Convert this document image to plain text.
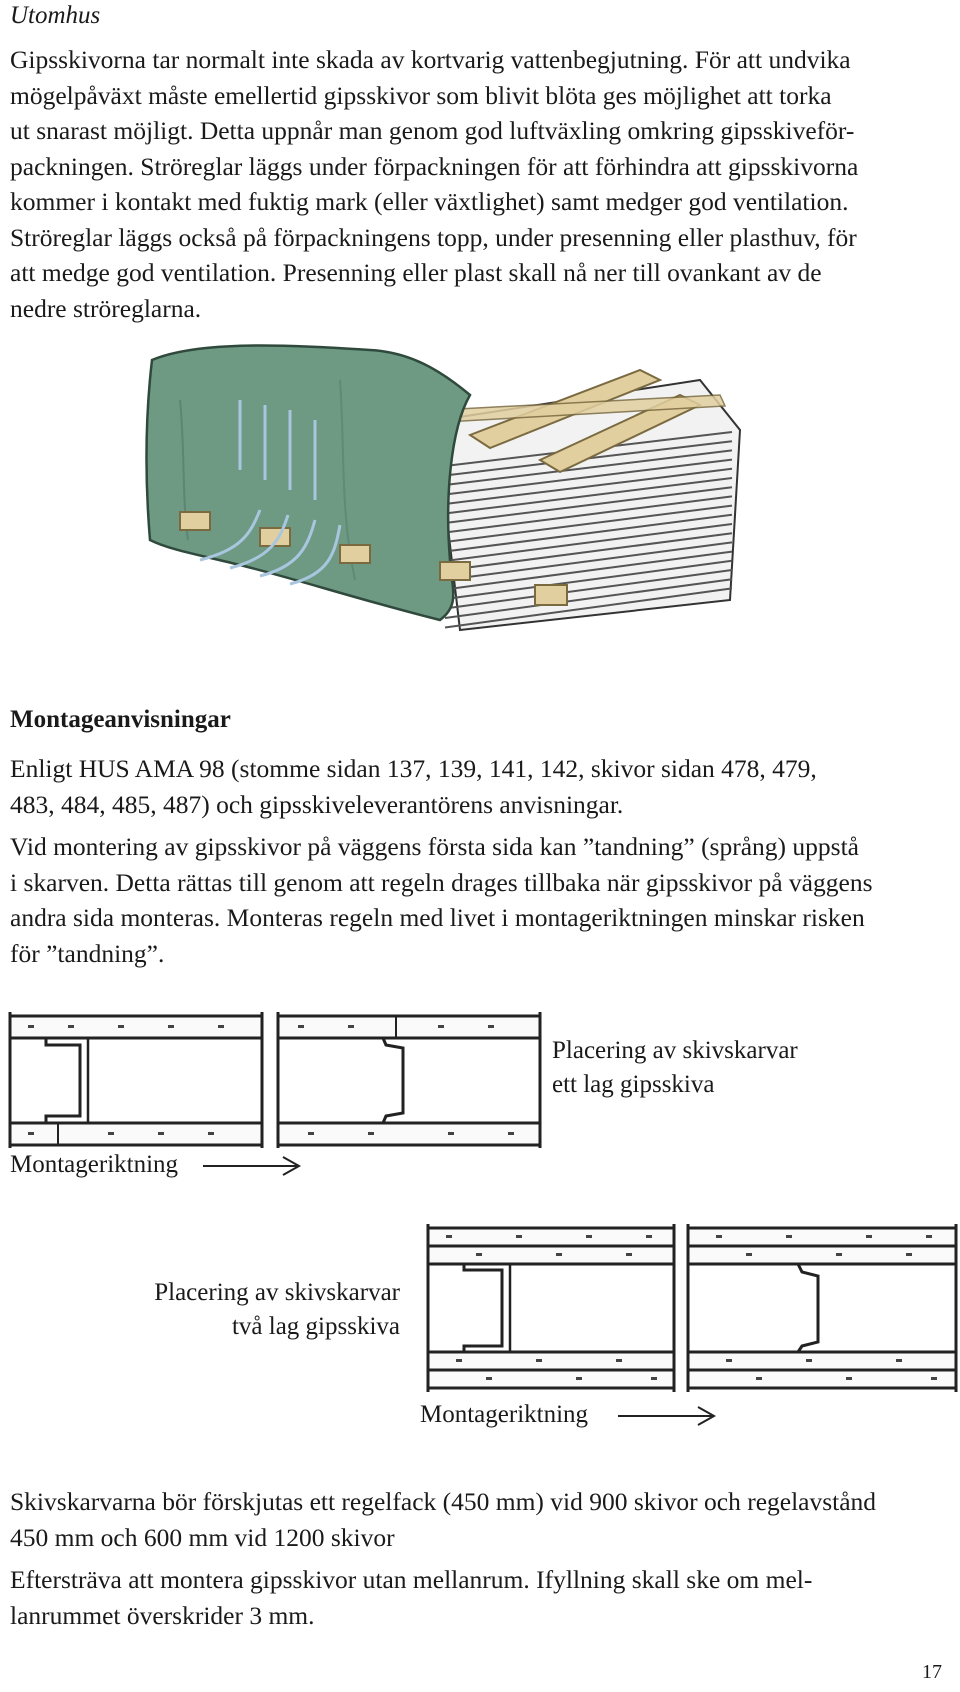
Utomhus
Gipsskivorna tar normalt inte skada av kortvarig vattenbegjutning. För att undvika
mögelpåväxt måste emellertid gipsskivor som blivit blöta ges möjlighet att torka
ut snarast möjligt. Detta uppnår man genom god luftväxling omkring gipsskiveför-
packningen. Ströreglar läggs under förpackningen för att förhindra att gipsskivorna
kommer i kontakt med fuktig mark (eller växtlighet) samt medger god ventilation.
Ströreglar läggs också på förpackningens topp, under presenning eller plasthuv, för
att medge god ventilation. Presenning eller plast skall nå ner till ovankant av de
nedre ströreglarna.
Montageanvisningar
Enligt HUS AMA 98 (stomme sidan 137, 139, 141, 142, skivor sidan 478, 479,
483, 484, 485, 487) och gipsskiveleverantörens anvisningar.
Vid montering av gipsskivor på väggens första sida kan ”tandning” (språng) uppstå
i skarven. Detta rättas till genom att regeln drages tillbaka när gipsskivor på väggens
andra sida monteras. Monteras regeln med livet i montageriktningen minskar risken
för ”tandning”.
Placering av skivskarvar
ett lag gipsskiva
Montageriktning
Placering av skivskarvar
två lag gipsskiva
Montageriktning
Skivskarvarna bör förskjutas ett regelfack (450 mm) vid 900 skivor och regelavstånd
450 mm och 600 mm vid 1200 skivor
Eftersträva att montera gipsskivor utan mellanrum. Ifyllning skall ske om mel-
lanrummet överskrider 3 mm.
17
